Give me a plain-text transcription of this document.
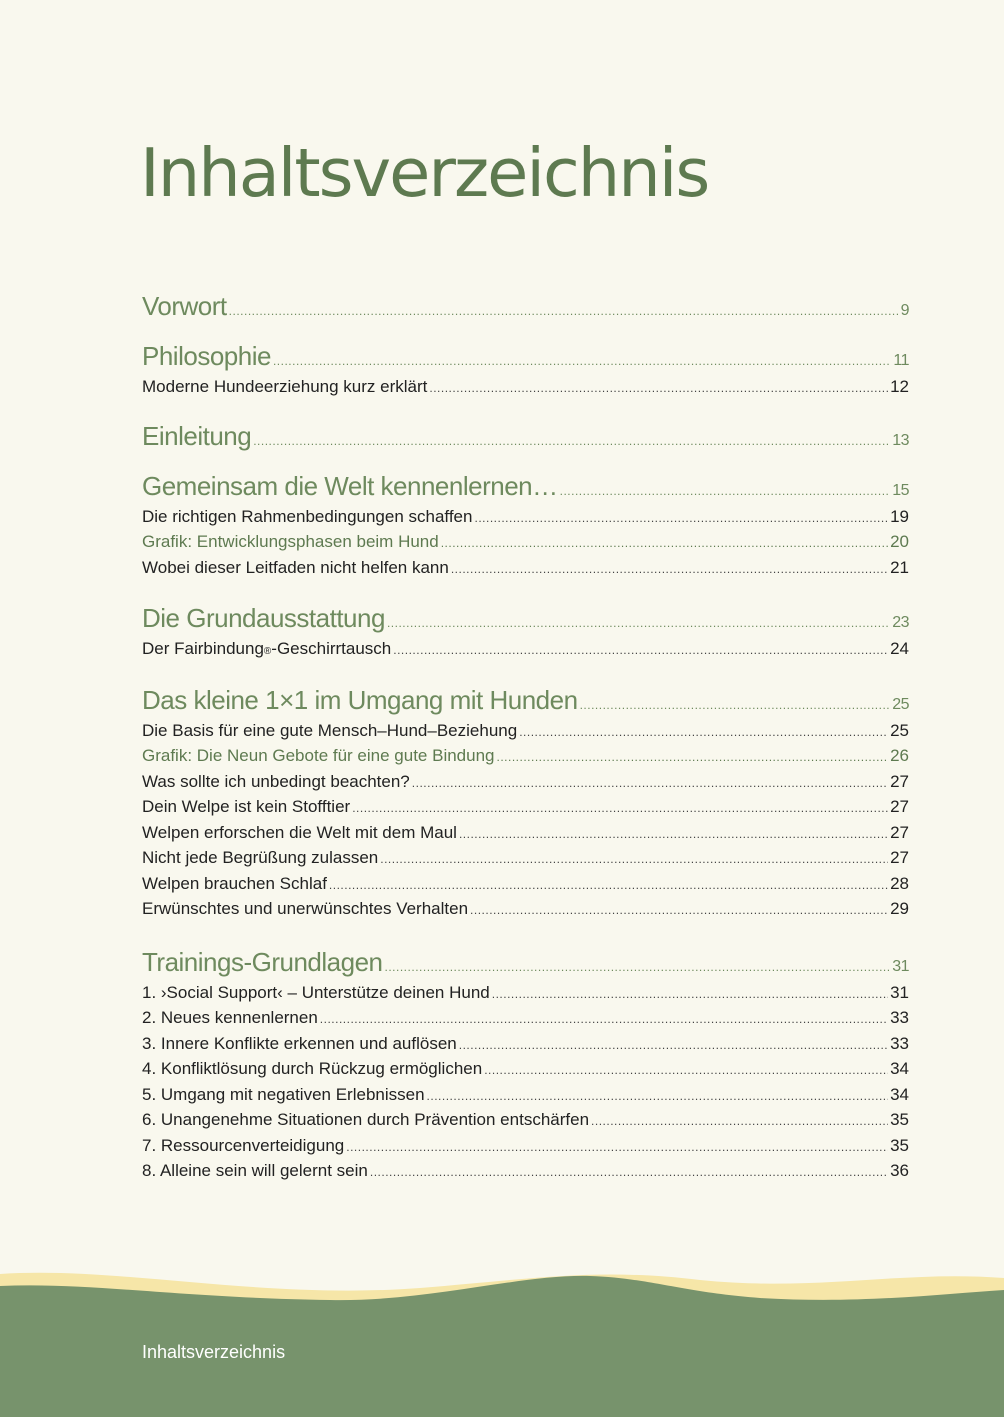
Inhaltsverzeichnis
Vorwort .....	9
Philosophie .....	11
Moderne Hundeerziehung kurz erklärt .....	12
Einleitung .....	13
Gemeinsam die Welt kennenlernen… .....	15
Die richtigen Rahmenbedingungen schaffen .....	19
Grafik: Entwicklungsphasen beim Hund .....	20
Wobei dieser Leitfaden nicht helfen kann .....	21
Die Grundausstattung .....	23
Der Fairbindung ® -Geschirrtausch .....	24
Das kleine 1×1 im Umgang mit Hunden .....	25
Die Basis für eine gute Mensch–Hund–Beziehung .....	25
Grafik: Die Neun Gebote für eine gute Bindung .....	26
Was sollte ich unbedingt beachten? .....	27
Dein Welpe ist kein Stofftier .....	27
Welpen erforschen die Welt mit dem Maul .....	27
Nicht jede Begrüßung zulassen .....	27
Welpen brauchen Schlaf .....	28
Erwünschtes und unerwünschtes Verhalten .....	29
Trainings-Grundlagen .....	31
1. ›Social Support‹ – Unterstütze deinen Hund .....	31
2. Neues kennenlernen .....	33
3. Innere Konflikte erkennen und auflösen .....	33
4. Konfliktlösung durch Rückzug ermöglichen .....	34
5. Umgang mit negativen Erlebnissen .....	34
6. Unangenehme Situationen durch Prävention entschärfen .....	35
7. Ressourcenverteidigung .....	35
8. Alleine sein will gelernt sein .....	36
Inhaltsverzeichnis
